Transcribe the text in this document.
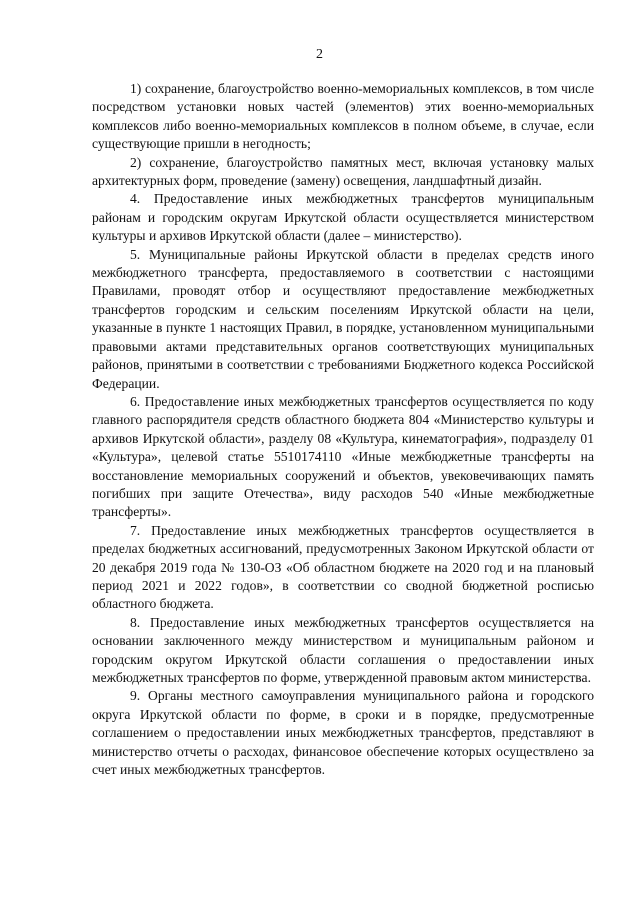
2

1) сохранение, благоустройство военно-мемориальных комплексов, в том числе посредством установки новых частей (элементов) этих военно-мемориальных комплексов либо военно-мемориальных комплексов в полном объеме, в случае, если существующие пришли в негодность;

2) сохранение, благоустройство памятных мест, включая установку малых архитектурных форм, проведение (замену) освещения, ландшафтный дизайн.

4. Предоставление иных межбюджетных трансфертов муниципальным районам и городским округам Иркутской области осуществляется министерством культуры и архивов Иркутской области (далее – министерство).

5. Муниципальные районы Иркутской области в пределах средств иного межбюджетного трансферта, предоставляемого в соответствии с настоящими Правилами, проводят отбор и осуществляют предоставление межбюджетных трансфертов городским и сельским поселениям Иркутской области на цели, указанные в пункте 1 настоящих Правил, в порядке, установленном муниципальными правовыми актами представительных органов соответствующих муниципальных районов, принятыми в соответствии с требованиями Бюджетного кодекса Российской Федерации.

6. Предоставление иных межбюджетных трансфертов осуществляется по коду главного распорядителя средств областного бюджета 804 «Министерство культуры и архивов Иркутской области», разделу 08 «Культура, кинематография», подразделу 01 «Культура», целевой статье 5510174110 «Иные межбюджетные трансферты на восстановление мемориальных сооружений и объектов, увековечивающих память погибших при защите Отечества», виду расходов 540 «Иные межбюджетные трансферты».

7. Предоставление иных межбюджетных трансфертов осуществляется в пределах бюджетных ассигнований, предусмотренных Законом Иркутской области от 20 декабря 2019 года № 130-ОЗ «Об областном бюджете на 2020 год и на плановый период 2021 и 2022 годов», в соответствии со сводной бюджетной росписью областного бюджета.

8. Предоставление иных межбюджетных трансфертов осуществляется на основании заключенного между министерством и муниципальным районом и городским округом Иркутской области соглашения о предоставлении иных межбюджетных трансфертов по форме, утвержденной правовым актом министерства.

9. Органы местного самоуправления муниципального района и городского округа Иркутской области по форме, в сроки и в порядке, предусмотренные соглашением о предоставлении иных межбюджетных трансфертов, представляют в министерство отчеты о расходах, финансовое обеспечение которых осуществлено за счет иных межбюджетных трансфертов.
